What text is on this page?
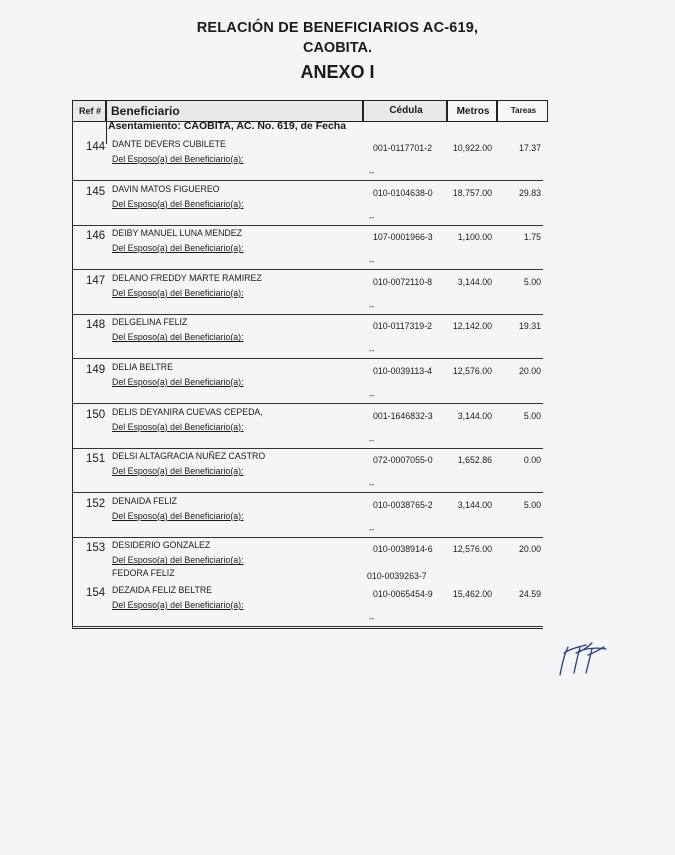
RELACIÓN DE BENEFICIARIOS AC-619,
CAOBITA.
ANEXO I
Ref # Beneficiario	Cédula	Metros	Tareas
Asentamiento: CAOBITA, AC. No. 619, de Fecha
144 DANTE DEVERS CUBILETE
Del Esposo(a) del Beneficiario(a):
001-0117701-2 10,922.00	17.37
--
145 DAVIN MATOS FIGUEREO
Del Esposo(a) del Beneficiario(a):
010-0104638-0 18,757.00	29.83
--
146 DEIBY MANUEL LUNA MENDEZ
Del Esposo(a) del Beneficiario(a):
107-0001966-3	1,100.00	1.75
--
147 DELANO FREDDY MARTE RAMIREZ
Del Esposo(a) del Beneficiario(a):
010-0072110-8	3,144.00	5.00
--
148 DELGELINA FELIZ
Del Esposo(a) del Beneficiario(a):
010-0117319-2 12,142.00	19.31
--
149 DELIA BELTRE
Del Esposo(a) del Beneficiario(a):
010-0039113-4 12,576.00	20.00
--
150 DELIS DEYANIRA CUEVAS CEPEDA,
Del Esposo(a) del Beneficiario(a):
001-1646832-3	3,144.00	5.00
--
151 DELSI ALTAGRACIA NUÑEZ CASTRO
Del Esposo(a) del Beneficiario(a):
072-0007055-0	1,652.86	0.00
--
152 DENAIDA FELIZ
Del Esposo(a) del Beneficiario(a):
010-0038765-2	3,144.00	5.00
--
153 DESIDERIO GONZALEZ
Del Esposo(a) del Beneficiario(a):
010-0038914-6 12,576.00	20.00
FEDORA FELIZ	010-0039263-7
154 DEZAIDA FELIZ BELTRE
Del Esposo(a) del Beneficiario(a):
010-0065454-9 15,462.00	24.59
--
